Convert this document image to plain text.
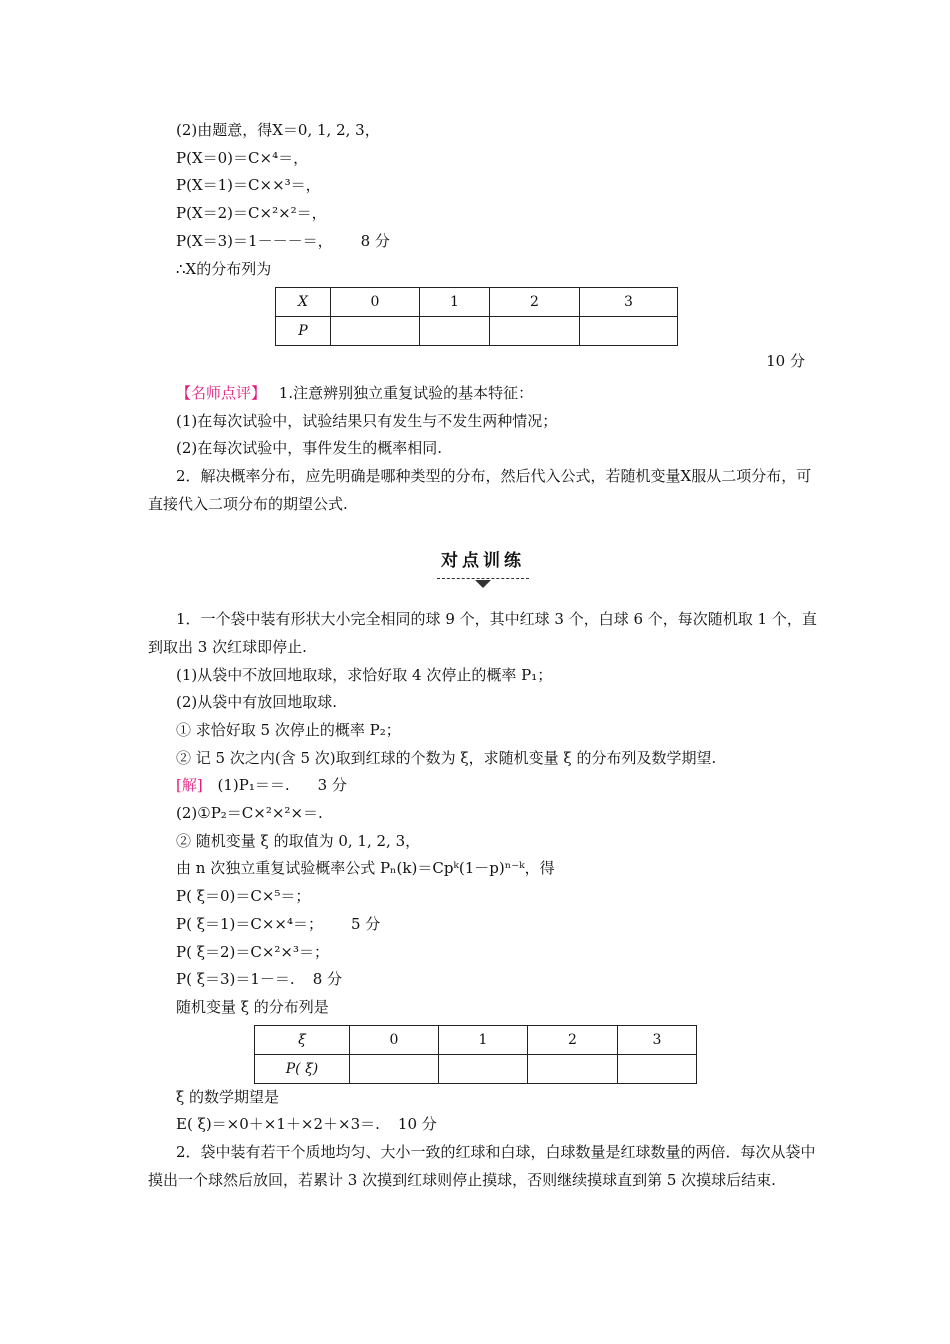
(2)由题意，得X＝0, 1, 2, 3，
P(X＝0)＝C×⁴＝，
P(X＝1)＝C××³＝，
P(X＝2)＝C×²×²＝，
P(X＝3)＝1－－－＝， 8 分
∴X的分布列为
X	0	1	2	3
P				
10 分
【名师点评】 1.注意辨别独立重复试验的基本特征：
(1)在每次试验中，试验结果只有发生与不发生两种情况；
(2)在每次试验中，事件发生的概率相同.
2．解决概率分布，应先明确是哪种类型的分布，然后代入公式，若随机变量X服从二项分布，可直接代入二项分布的期望公式.
对点训练
1．一个袋中装有形状大小完全相同的球 9 个，其中红球 3 个，白球 6 个，每次随机取 1 个，直到取出 3 次红球即停止.
(1)从袋中不放回地取球，求恰好取 4 次停止的概率 P₁；
(2)从袋中有放回地取球.
① 求恰好取 5 次停止的概率 P₂；
② 记 5 次之内(含 5 次)取到红球的个数为 ξ，求随机变量 ξ 的分布列及数学期望.
[解] (1)P₁＝＝. 3 分
(2)①P₂＝C×²×²×＝.
② 随机变量 ξ 的取值为 0, 1, 2, 3，
由 n 次独立重复试验概率公式 Pₙ(k)＝Cpᵏ(1－p)ⁿ⁻ᵏ，得
P( ξ＝0)＝C×⁵＝；
P( ξ＝1)＝C××⁴＝； 5 分
P( ξ＝2)＝C×²×³＝；
P( ξ＝3)＝1－＝. 8 分
随机变量 ξ 的分布列是
ξ	0	1	2	3
P( ξ)				
ξ 的数学期望是
E( ξ)＝×0＋×1＋×2＋×3＝. 10 分
2．袋中装有若干个质地均匀、大小一致的红球和白球，白球数量是红球数量的两倍．每次从袋中摸出一个球然后放回，若累计 3 次摸到红球则停止摸球，否则继续摸球直到第 5 次摸球后结束.
